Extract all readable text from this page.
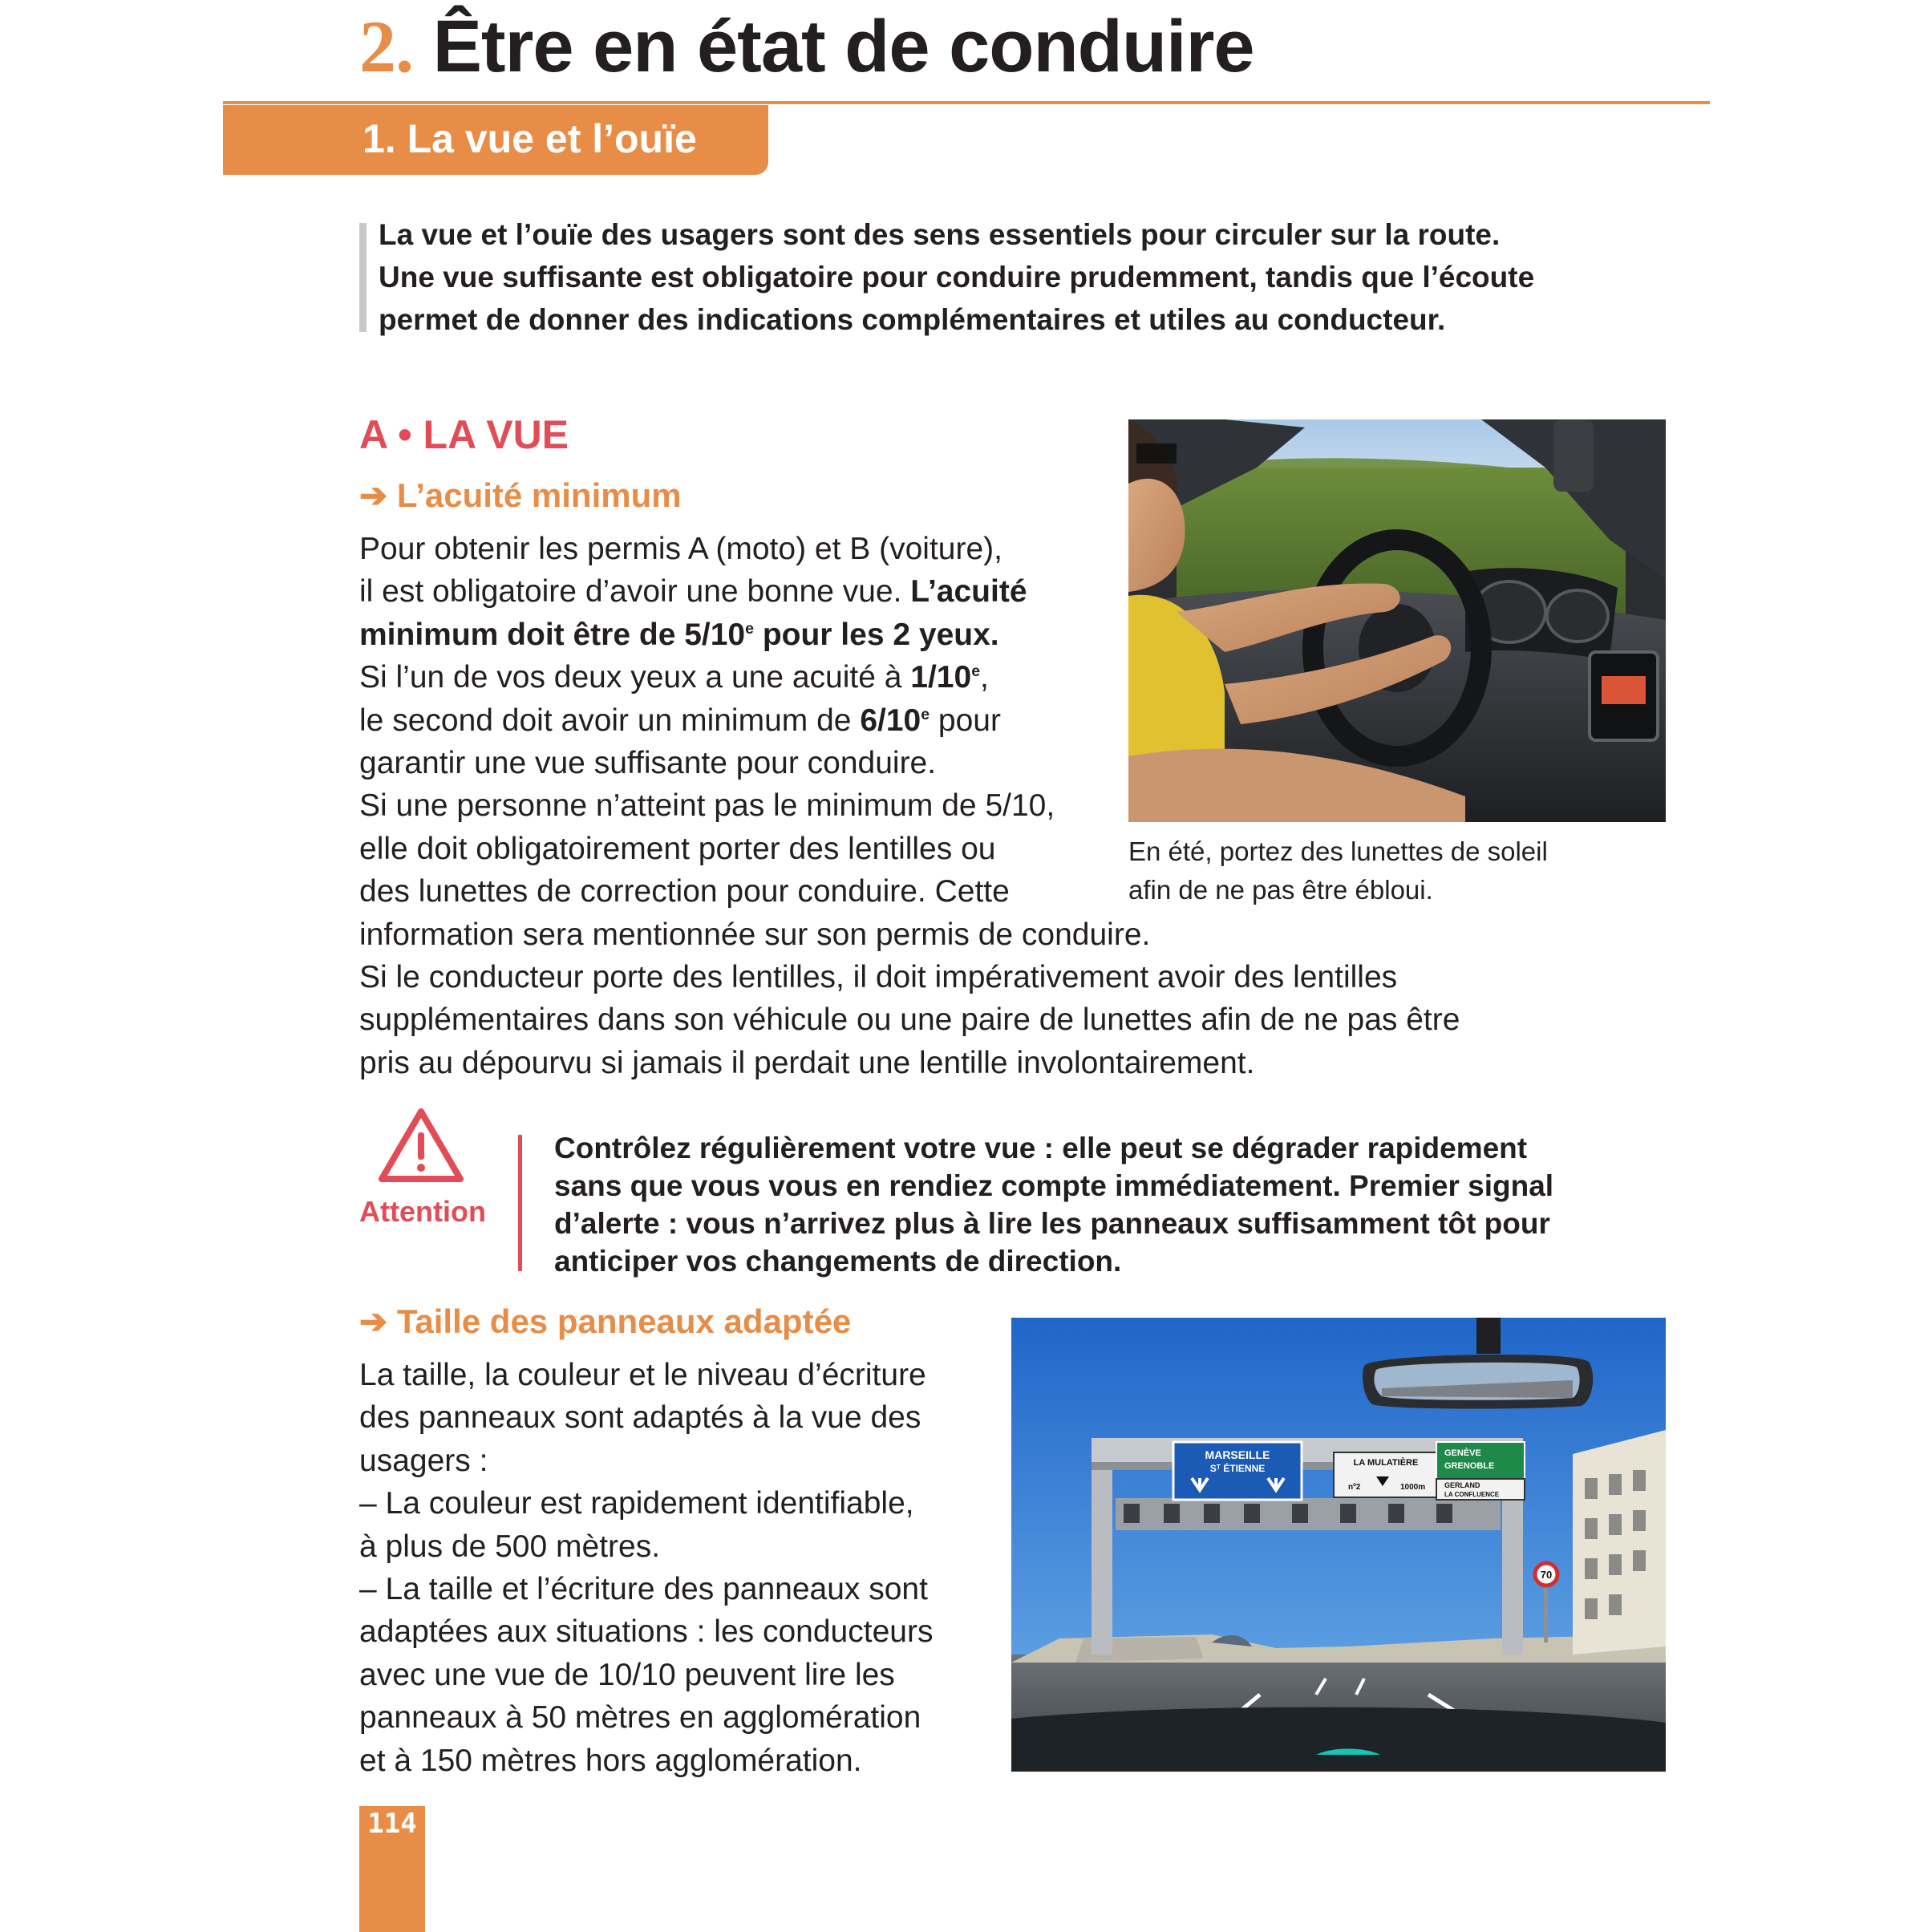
2. Être en état de conduire
1. La vue et l’ouïe
La vue et l’ouïe des usagers sont des sens essentiels pour circuler sur la route.
Une vue suffisante est obligatoire pour conduire prudemment, tandis que l’écoute
permet de donner des indications complémentaires et utiles au conducteur.
A • LA VUE
➔ L’acuité minimum
Pour obtenir les permis A (moto) et B (voiture),
il est obligatoire d’avoir une bonne vue. L’acuité
minimum doit être de 5/10e pour les 2 yeux.
Si l’un de vos deux yeux a une acuité à 1/10e,
le second doit avoir un minimum de 6/10e pour
garantir une vue suffisante pour conduire.
Si une personne n’atteint pas le minimum de 5/10,
elle doit obligatoirement porter des lentilles ou
des lunettes de correction pour conduire. Cette
information sera mentionnée sur son permis de conduire.
Si le conducteur porte des lentilles, il doit impérativement avoir des lentilles
supplémentaires dans son véhicule ou une paire de lunettes afin de ne pas être
pris au dépourvu si jamais il perdait une lentille involontairement.
En été, portez des lunettes de soleil
afin de ne pas être ébloui.
Attention
Contrôlez régulièrement votre vue : elle peut se dégrader rapidement
sans que vous vous en rendiez compte immédiatement. Premier signal
d’alerte : vous n’arrivez plus à lire les panneaux suffisamment tôt pour
anticiper vos changements de direction.
➔ Taille des panneaux adaptée
La taille, la couleur et le niveau d’écriture
des panneaux sont adaptés à la vue des
usagers :
– La couleur est rapidement identifiable,
à plus de 500 mètres.
– La taille et l’écriture des panneaux sont
adaptées aux situations : les conducteurs
avec une vue de 10/10 peuvent lire les
panneaux à 50 mètres en agglomération
et à 150 mètres hors agglomération.
MARSEILLE
Sᵀ ÉTIENNE	LA MULATIÈRE
nº2	1000m
GENÈVE
GRENOBLE
GERLAND
LA CONFLUENCE
70
114
